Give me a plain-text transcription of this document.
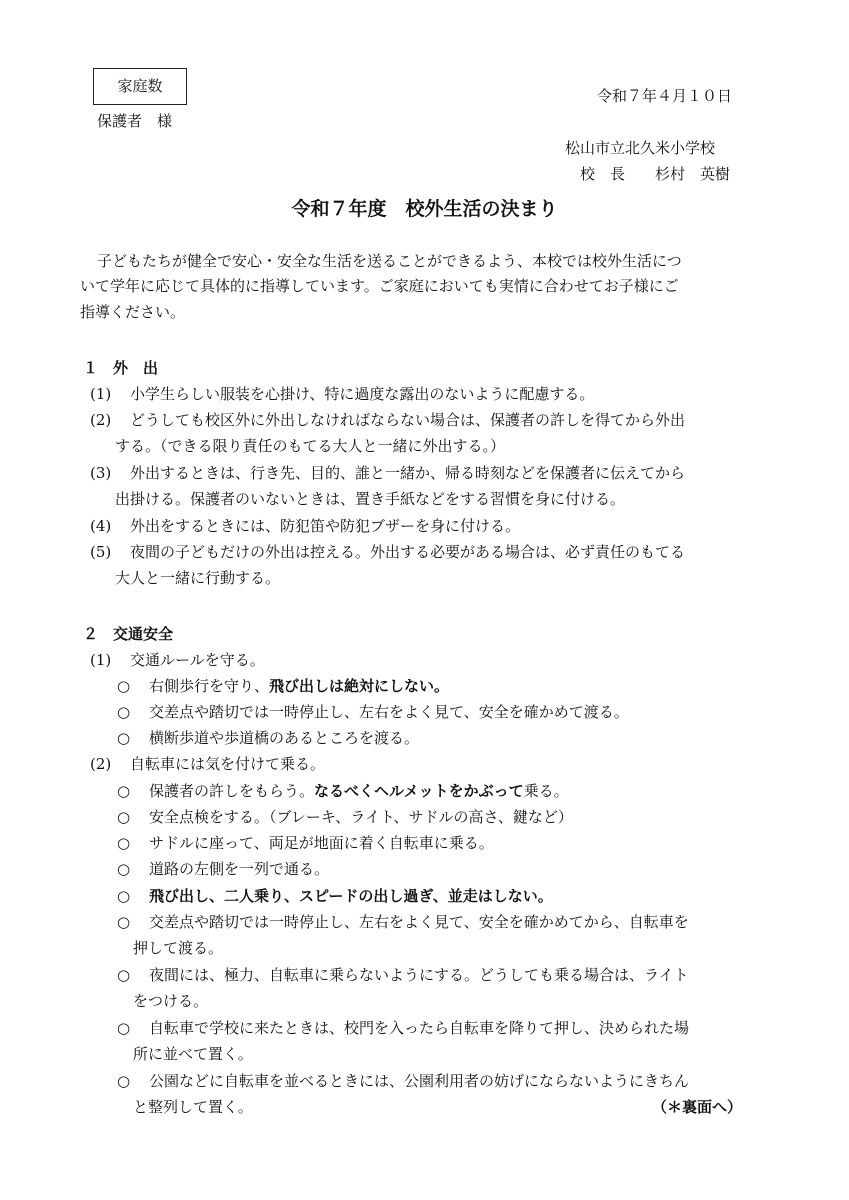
家庭数
保護者　様
令和７年４月１０日
松山市立北久米小学校
校　長　　杉村　英樹
令和７年度　校外生活の決まり
子どもたちが健全で安心・安全な生活を送ることができるよう、本校では校外生活につ
いて学年に応じて具体的に指導しています。ご家庭においても実情に合わせてお子様にご
指導ください。
１　外　出
(1) 小学生らしい服装を心掛け、特に過度な露出のないように配慮する。
(2) どうしても校区外に外出しなければならない場合は、保護者の許しを得てから外出
する。（できる限り責任のもてる大人と一緒に外出する。）
(3) 外出するときは、行き先、目的、誰と一緒か、帰る時刻などを保護者に伝えてから
出掛ける。保護者のいないときは、置き手紙などをする習慣を身に付ける。
(4) 外出をするときには、防犯笛や防犯ブザーを身に付ける。
(5) 夜間の子どもだけの外出は控える。外出する必要がある場合は、必ず責任のもてる
大人と一緒に行動する。
２　交通安全
(1) 交通ルールを守る。
○ 右側歩行を守り、飛び出しは絶対にしない。
○ 交差点や踏切では一時停止し、左右をよく見て、安全を確かめて渡る。
○ 横断歩道や歩道橋のあるところを渡る。
(2) 自転車には気を付けて乗る。
○ 保護者の許しをもらう。なるべくヘルメットをかぶって乗る。
○ 安全点検をする。（ブレーキ、ライト、サドルの高さ、鍵など）
○ サドルに座って、両足が地面に着く自転車に乗る。
○ 道路の左側を一列で通る。
○ 飛び出し、二人乗り、スピードの出し過ぎ、並走はしない。
○ 交差点や踏切では一時停止し、左右をよく見て、安全を確かめてから、自転車を
押して渡る。
○ 夜間には、極力、自転車に乗らないようにする。どうしても乗る場合は、ライト
をつける。
○ 自転車で学校に来たときは、校門を入ったら自転車を降りて押し、決められた場
所に並べて置く。
○ 公園などに自転車を並べるときには、公園利用者の妨げにならないようにきちん
と整列して置く。	（＊裏面へ）
